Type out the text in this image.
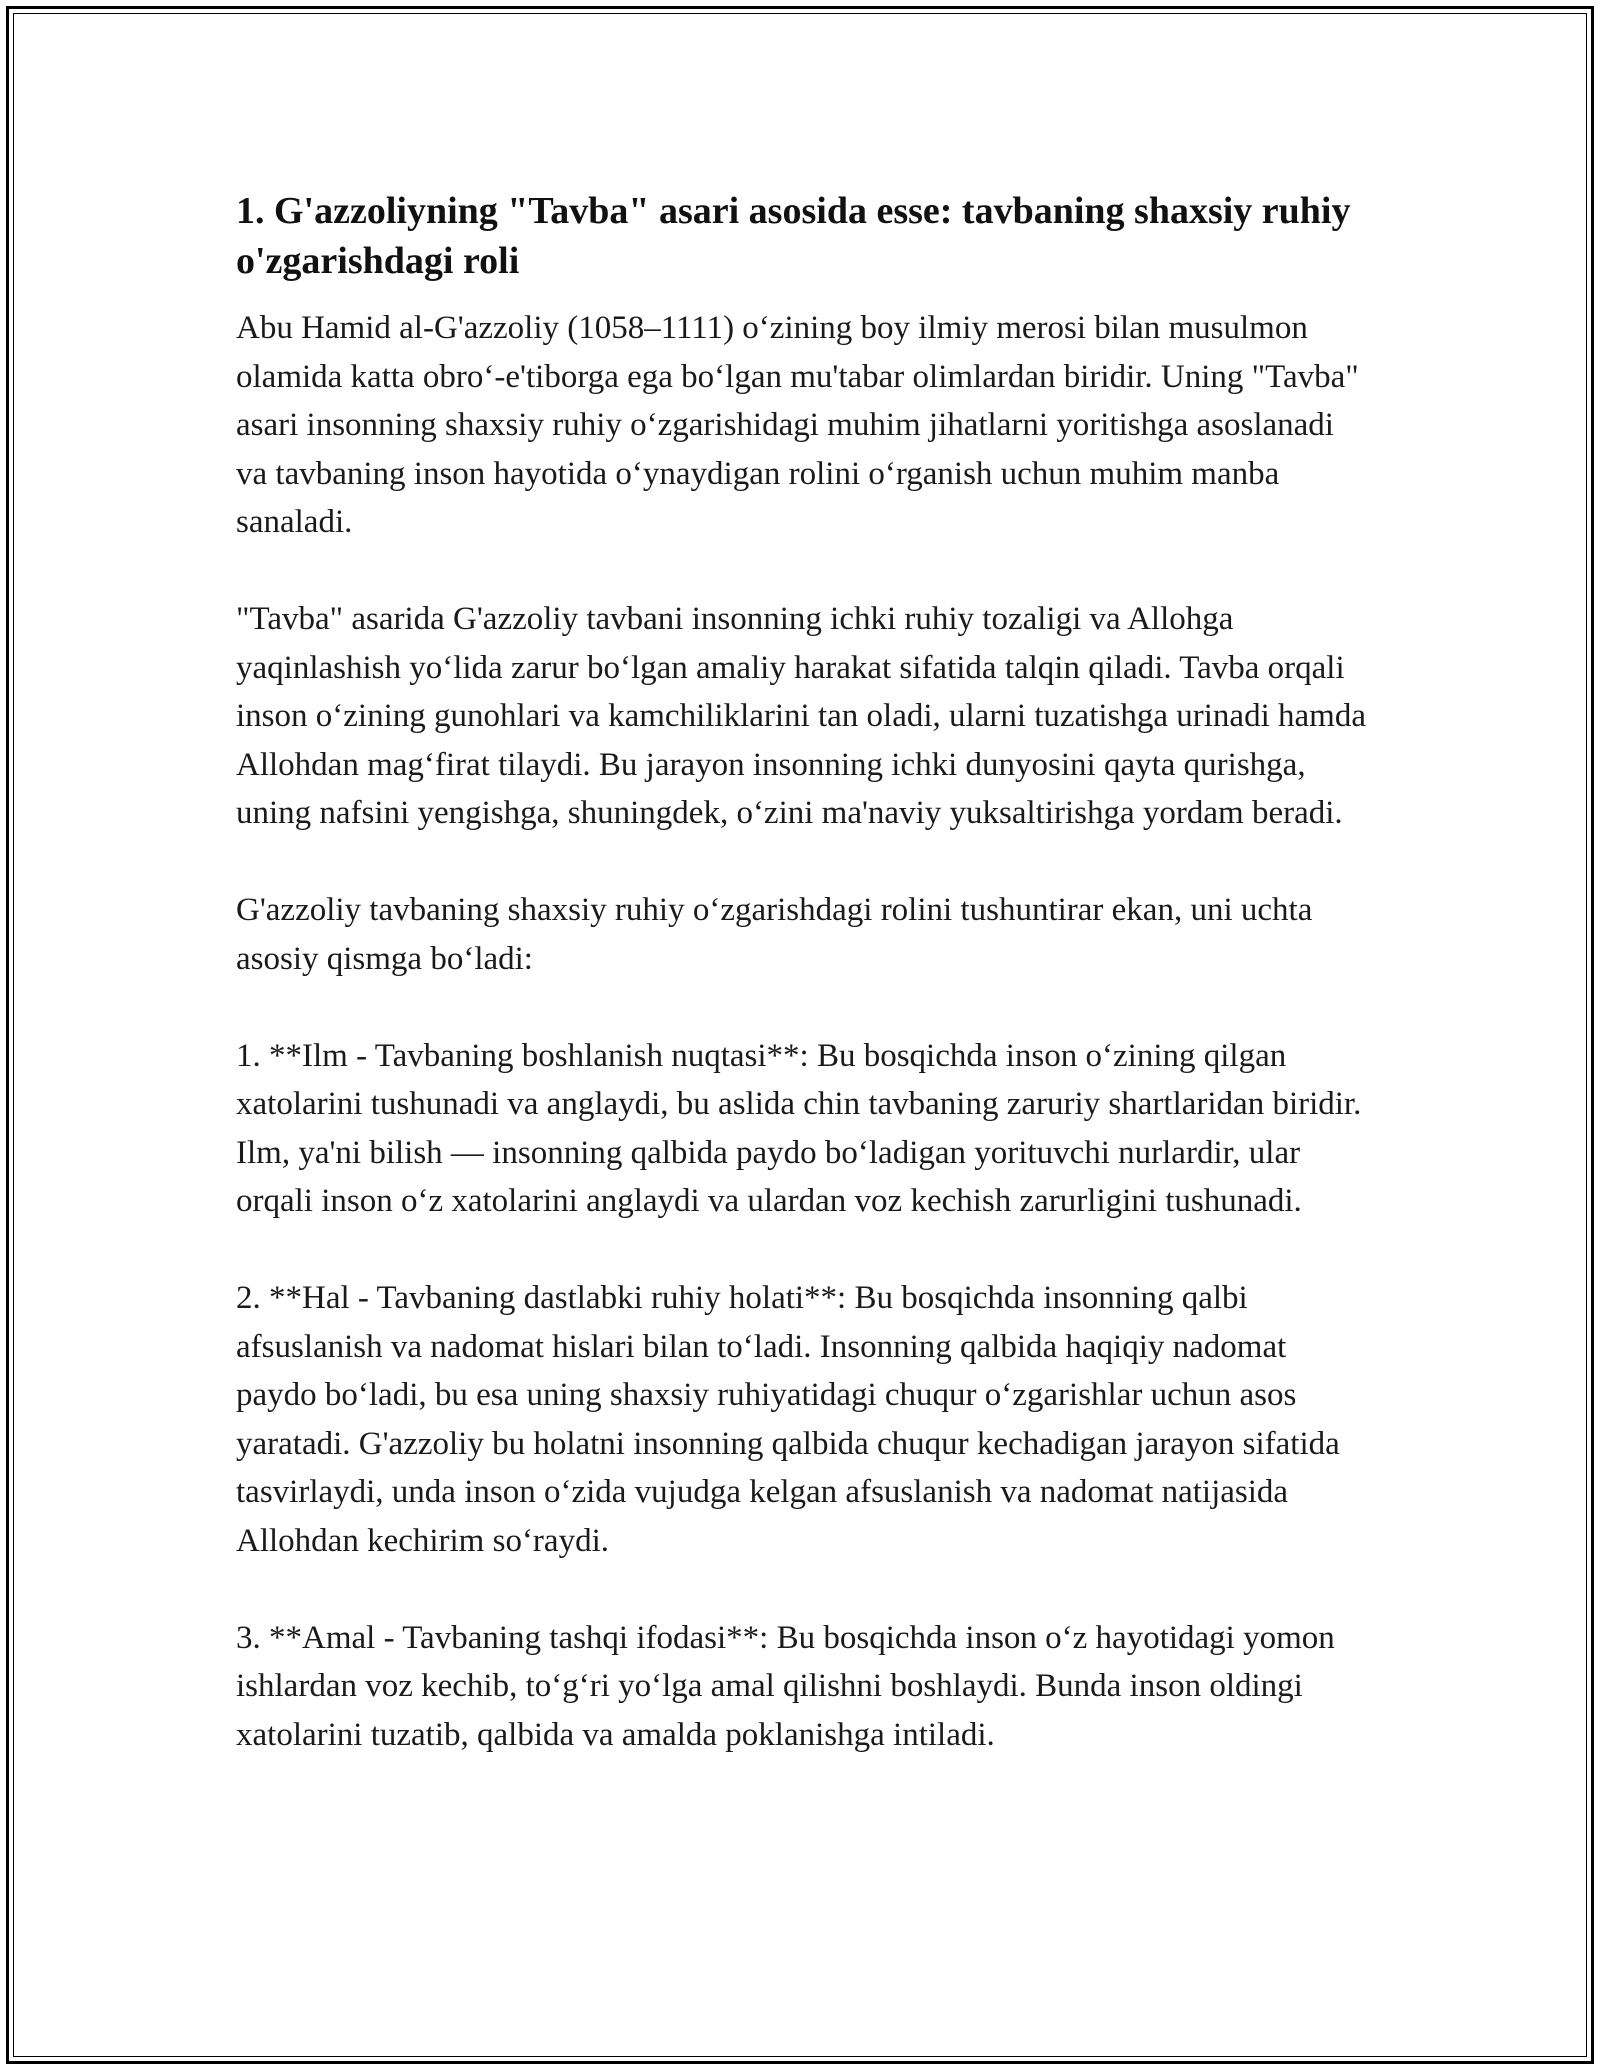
1. G'azzoliyning "Tavba" asari asosida esse: tavbaning shaxsiy ruhiy o'zgarishdagi roli

Abu Hamid al-G'azzoliy (1058–1111) o‘zining boy ilmiy merosi bilan musulmon olamida katta obro‘-e'tiborga ega bo‘lgan mu'tabar olimlardan biridir. Uning "Tavba" asari insonning shaxsiy ruhiy o‘zgarishidagi muhim jihatlarni yoritishga asoslanadi va tavbaning inson hayotida o‘ynaydigan rolini o‘rganish uchun muhim manba sanaladi.

"Tavba" asarida G'azzoliy tavbani insonning ichki ruhiy tozaligi va Allohga yaqinlashish yo‘lida zarur bo‘lgan amaliy harakat sifatida talqin qiladi. Tavba orqali inson o‘zining gunohlari va kamchiliklarini tan oladi, ularni tuzatishga urinadi hamda Allohdan mag‘firat tilaydi. Bu jarayon insonning ichki dunyosini qayta qurishga, uning nafsini yengishga, shuningdek, o‘zini ma'naviy yuksaltirishga yordam beradi.

G'azzoliy tavbaning shaxsiy ruhiy o‘zgarishdagi rolini tushuntirar ekan, uni uchta asosiy qismga bo‘ladi:

1. **Ilm - Tavbaning boshlanish nuqtasi**: Bu bosqichda inson o‘zining qilgan xatolarini tushunadi va anglaydi, bu aslida chin tavbaning zaruriy shartlaridan biridir. Ilm, ya'ni bilish — insonning qalbida paydo bo‘ladigan yorituvchi nurlardir, ular orqali inson o‘z xatolarini anglaydi va ulardan voz kechish zarurligini tushunadi.

2. **Hal - Tavbaning dastlabki ruhiy holati**: Bu bosqichda insonning qalbi afsuslanish va nadomat hislari bilan to‘ladi. Insonning qalbida haqiqiy nadomat paydo bo‘ladi, bu esa uning shaxsiy ruhiyatidagi chuqur o‘zgarishlar uchun asos yaratadi. G'azzoliy bu holatni insonning qalbida chuqur kechadigan jarayon sifatida tasvirlaydi, unda inson o‘zida vujudga kelgan afsuslanish va nadomat natijasida Allohdan kechirim so‘raydi.

3. **Amal - Tavbaning tashqi ifodasi**: Bu bosqichda inson o‘z hayotidagi yomon ishlardan voz kechib, to‘g‘ri yo‘lga amal qilishni boshlaydi. Bunda inson oldingi xatolarini tuzatib, qalbida va amalda poklanishga intiladi.
